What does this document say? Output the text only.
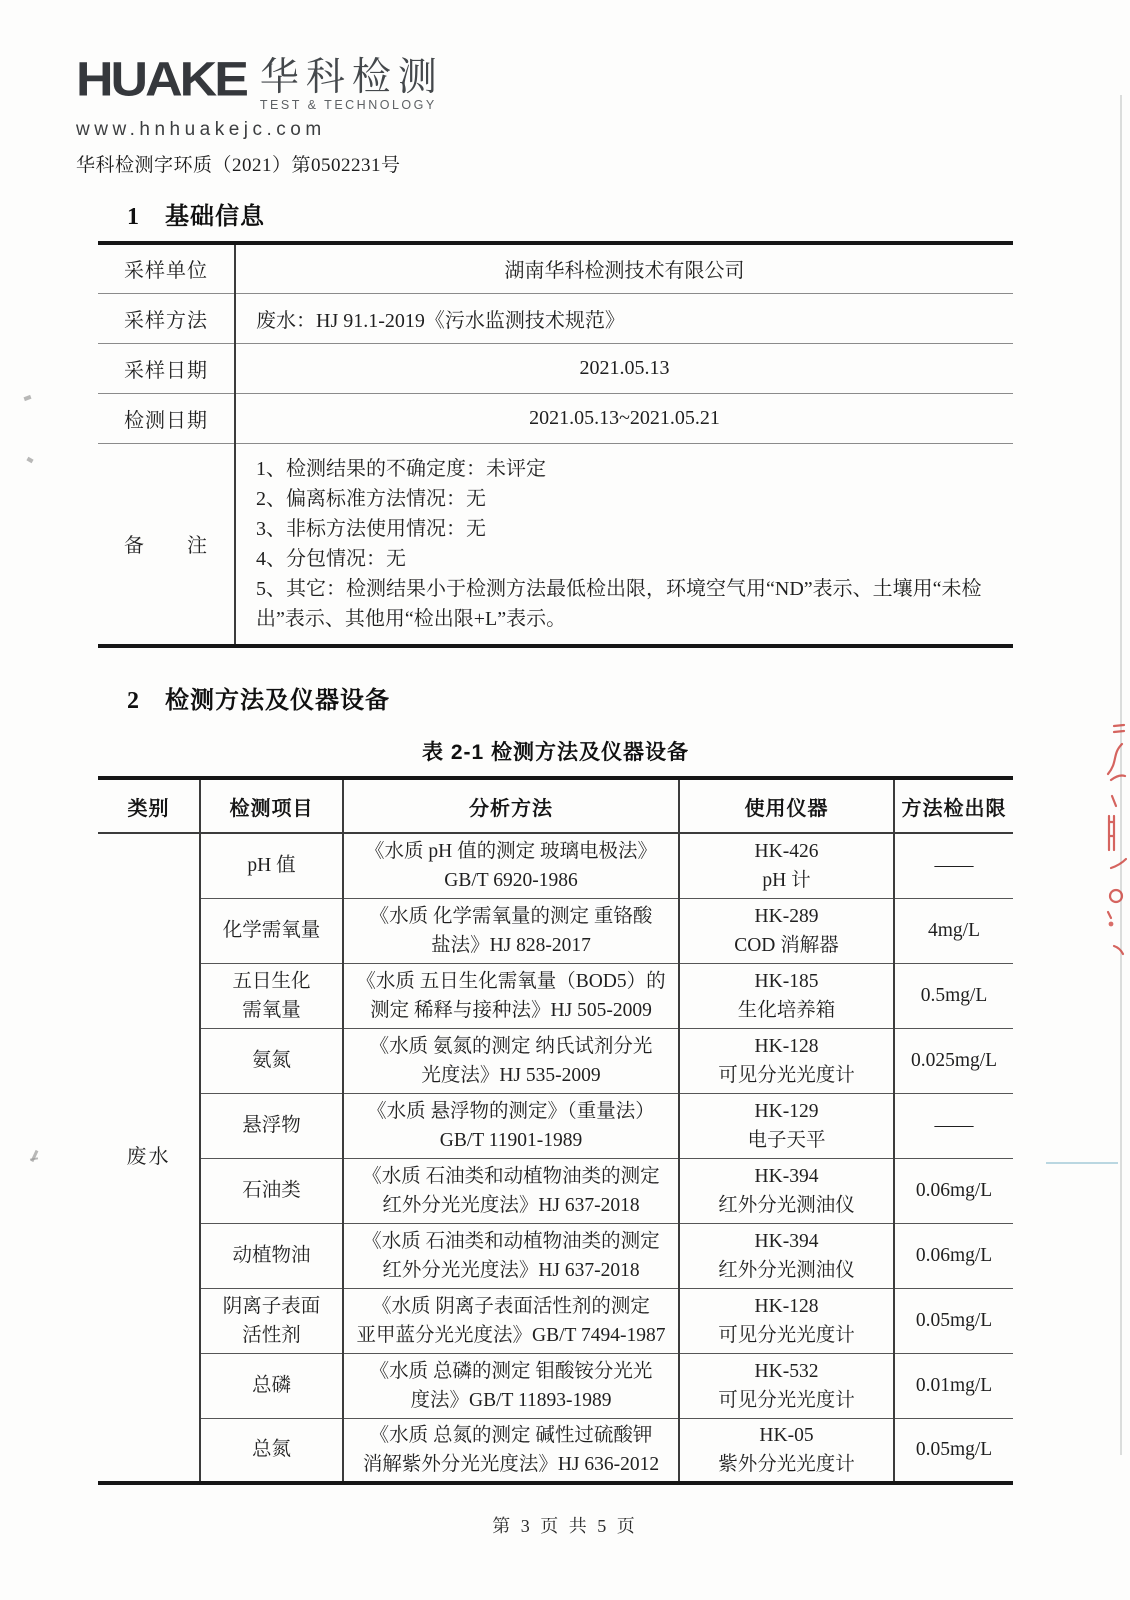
HUAKE 华科检测
TEST & TECHNOLOGY
www.hnhuakejc.com
华科检测字环质（2021）第0502231号
1 基础信息
采样单位	湖南华科检测技术有限公司
采样方法	废水：HJ 91.1-2019《污水监测技术规范》
采样日期	2021.05.13
检测日期	2021.05.13~2021.05.21
备　　注	1、检测结果的不确定度：未评定
2、偏离标准方法情况：无
3、非标方法使用情况：无
4、分包情况：无
5、其它：检测结果小于检测方法最低检出限，环境空气用“ND”表示、土壤用“未检出”表示、其他用“检出限+L”表示。
2 检测方法及仪器设备
表 2-1 检测方法及仪器设备
类别	检测项目	分析方法	使用仪器	方法检出限
废水	pH 值	《水质 pH 值的测定 玻璃电极法》
GB/T 6920-1986	HK-426
pH 计	——

	化学需氧量	《水质 化学需氧量的测定 重铬酸
盐法》HJ 828-2017	HK-289
COD 消解器	4mg/L

	五日生化
需氧量	《水质 五日生化需氧量（BOD5）的
测定 稀释与接种法》HJ 505-2009	HK-185
生化培养箱	0.5mg/L

	氨氮	《水质 氨氮的测定 纳氏试剂分光
光度法》HJ 535-2009	HK-128
可见分光光度计	0.025mg/L

	悬浮物	《水质 悬浮物的测定》（重量法）
GB/T 11901-1989	HK-129
电子天平	——

	石油类	《水质 石油类和动植物油类的测定
红外分光光度法》HJ 637-2018	HK-394
红外分光测油仪	0.06mg/L

	动植物油	《水质 石油类和动植物油类的测定
红外分光光度法》HJ 637-2018	HK-394
红外分光测油仪	0.06mg/L

	阴离子表面
活性剂	《水质 阴离子表面活性剂的测定
亚甲蓝分光光度法》GB/T 7494-1987	HK-128
可见分光光度计	0.05mg/L

	总磷	《水质 总磷的测定 钼酸铵分光光
度法》GB/T 11893-1989	HK-532
可见分光光度计	0.01mg/L

	总氮	《水质 总氮的测定 碱性过硫酸钾
消解紫外分光光度法》HJ 636-2012	HK-05
紫外分光光度计	0.05mg/L
第 3 页 共 5 页
